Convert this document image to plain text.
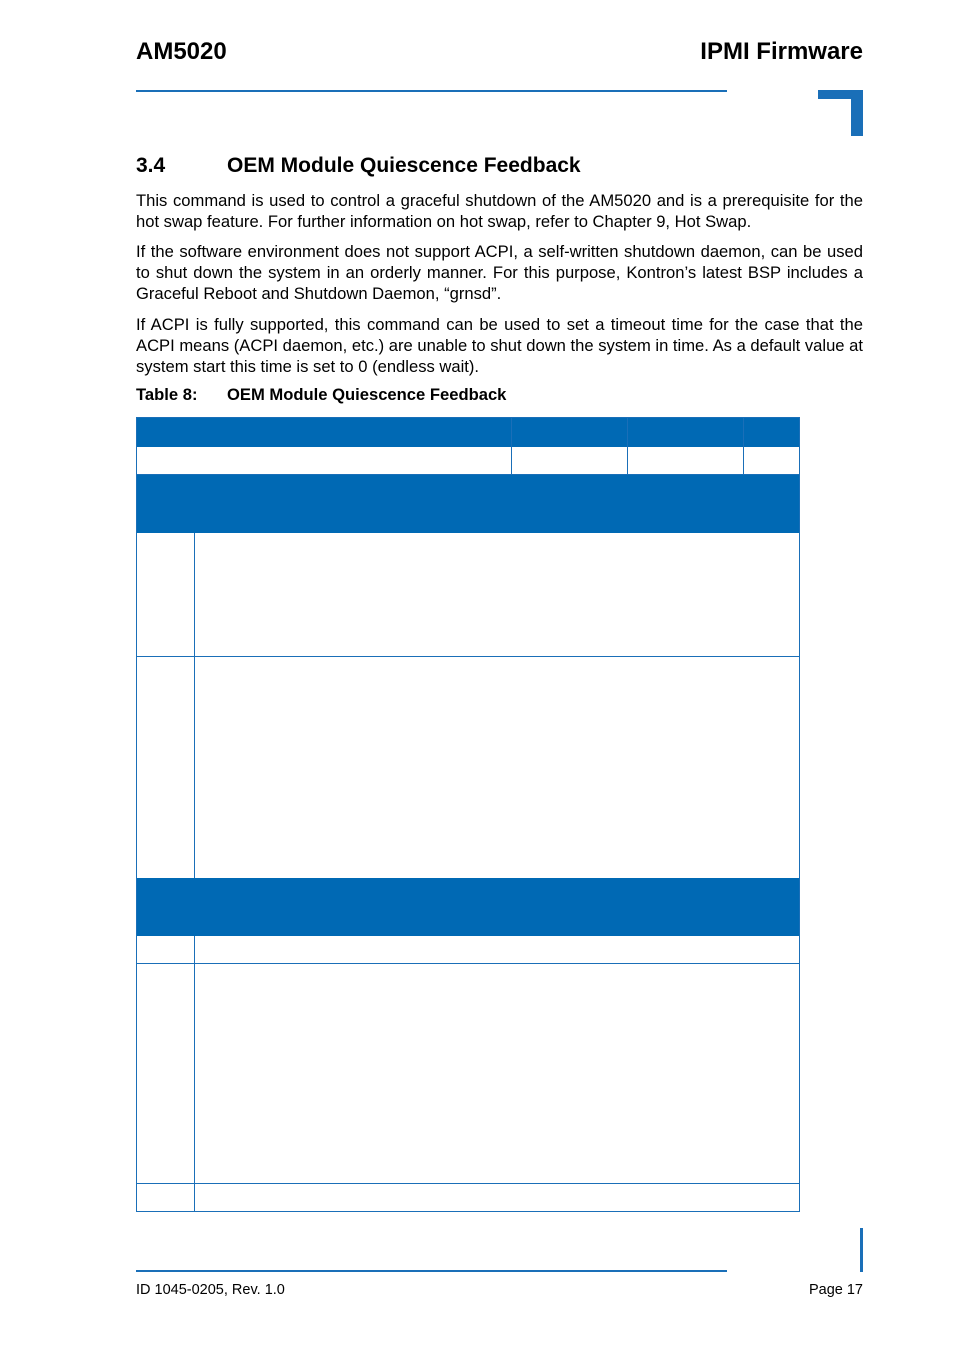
AM5020	IPMI Firmware
3.4	OEM Module Quiescence Feedback
This command is used to control a graceful shutdown of the AM5020 and is a prerequisite for the hot swap feature. For further information on hot swap, refer to Chapter 9, Hot Swap.
If the software environment does not support ACPI, a self-written shutdown daemon, can be used to shut down the system in an orderly manner. For this purpose, Kontron’s latest BSP includes a Graceful Reboot and Shutdown Daemon, “grnsd”.
If ACPI is fully supported, this command can be used to set a timeout time for the case that the ACPI means (ACPI daemon, etc.) are unable to shut down the system in time. As a default value at system start this time is set to 0 (endless wait).
Table 8: OEM Module Quiescence Feedback
ID 1045-0205, Rev. 1.0	Page 17
